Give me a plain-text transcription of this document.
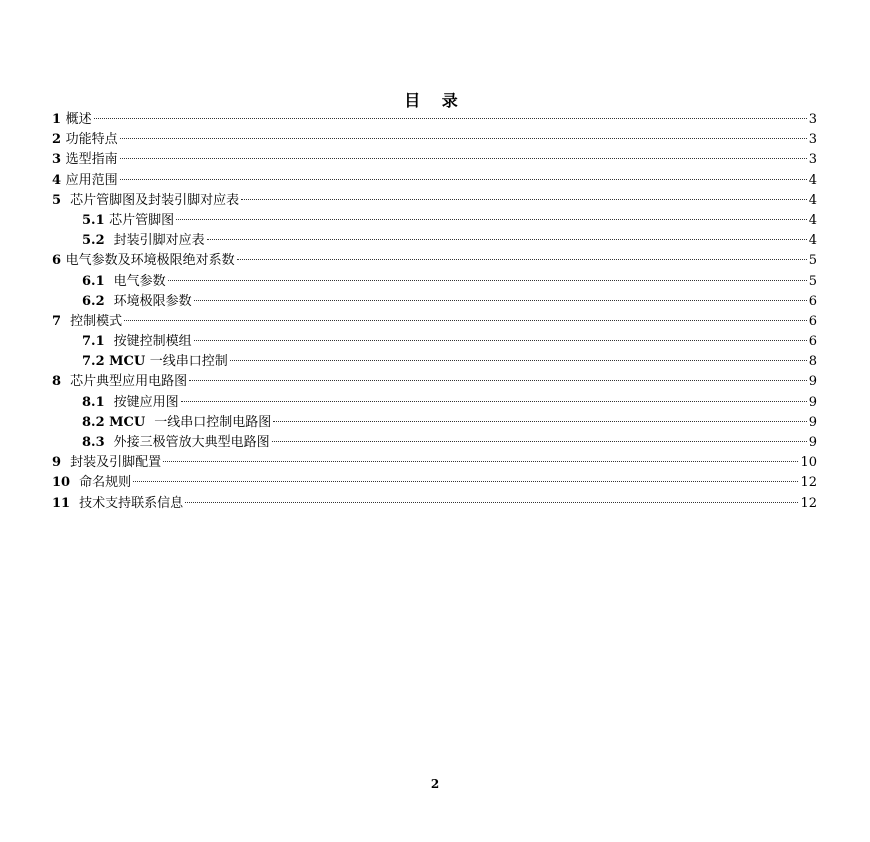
目 录
1 概述	3
2 功能特点	3
3 选型指南	3
4 应用范围	4
5 芯片管脚图及封装引脚对应表	4
5.1 芯片管脚图	4
5.2 封装引脚对应表	4
6 电气参数及环境极限绝对系数	5
6.1 电气参数	5
6.2 环境极限参数	6
7 控制模式	6
7.1 按键控制模组	6
7.2 MCU 一线串口控制	8
8 芯片典型应用电路图	9
8.1 按键应用图	9
8.2 MCU 一线串口控制电路图	9
8.3 外接三极管放大典型电路图	9
9 封装及引脚配置	10
10 命名规则	12
11 技术支持联系信息	12
2
